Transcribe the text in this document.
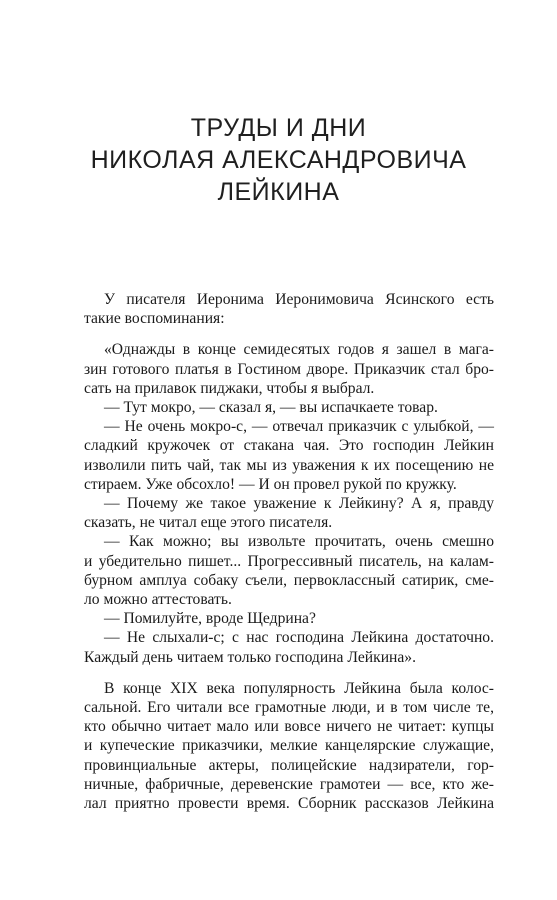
ТРУДЫ И ДНИ
НИКОЛАЯ АЛЕКСАНДРОВИЧА
ЛЕЙКИНА
У писателя Иеронима Иеронимовича Ясинского есть
такие воспоминания:
«Однажды в конце семидесятых годов я зашел в мага-
зин готового платья в Гостином дворе. Приказчик стал бро-
сать на прилавок пиджаки, чтобы я выбрал.
— Тут мокро, — сказал я, — вы испачкаете товар.
— Не очень мокро-с, — отвечал приказчик с улыбкой, —
сладкий кружочек от стакана чая. Это господин Лейкин
изволили пить чай, так мы из уважения к их посещению не
стираем. Уже обсохло! — И он провел рукой по кружку.
— Почему же такое уважение к Лейкину? А я, правду
сказать, не читал еще этого писателя.
— Как можно; вы извольте прочитать, очень смешно
и убедительно пишет... Прогрессивный писатель, на калам-
бурном амплуа собаку съели, первоклассный сатирик, сме-
ло можно аттестовать.
— Помилуйте, вроде Щедрина?
— Не слыхали-с; с нас господина Лейкина достаточно.
Каждый день читаем только господина Лейкина».
В конце XIX века популярность Лейкина была колос-
сальной. Его читали все грамотные люди, и в том числе те,
кто обычно читает мало или вовсе ничего не читает: купцы
и купеческие приказчики, мелкие канцелярские служащие,
провинциальные актеры, полицейские надзиратели, гор-
ничные, фабричные, деревенские грамотеи — все, кто же-
лал приятно провести время. Сборник рассказов Лейкина
